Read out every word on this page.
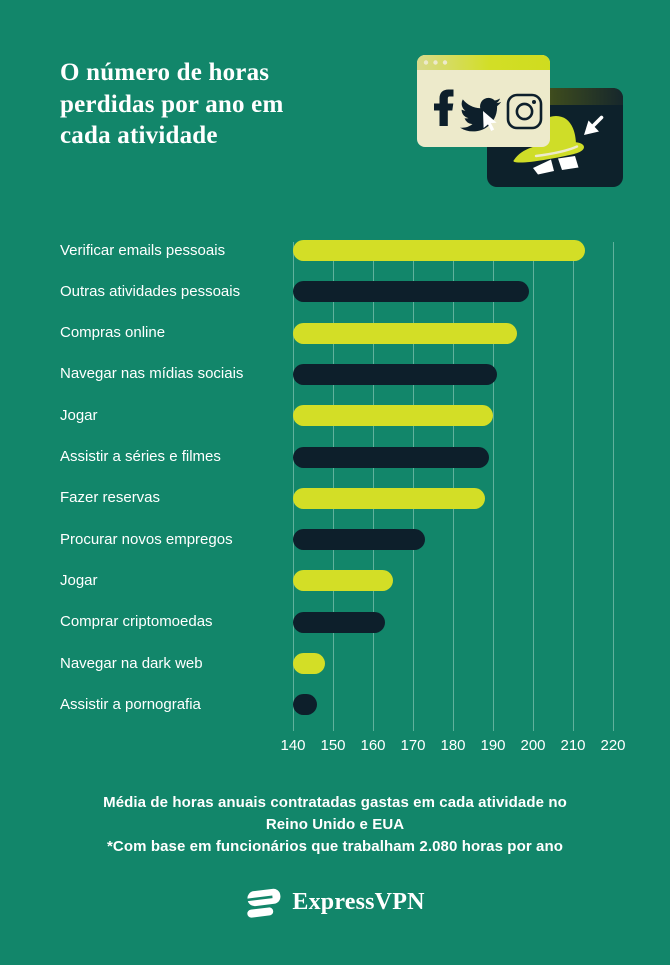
O número de horas
perdidas por ano em
cada atividade
Verificar emails pessoais
Outras atividades pessoais
Compras online
Navegar nas mídias sociais
Jogar
Assistir a séries e filmes
Fazer reservas
Procurar novos empregos
Jogar
Comprar criptomoedas
Navegar na dark web
Assistir a pornografia
140 150 160 170 180 190 200 210 220
Média de horas anuais contratadas gastas em cada atividade no
Reino Unido e EUA
*Com base em funcionários que trabalham 2.080 horas por ano
ExpressVPN
